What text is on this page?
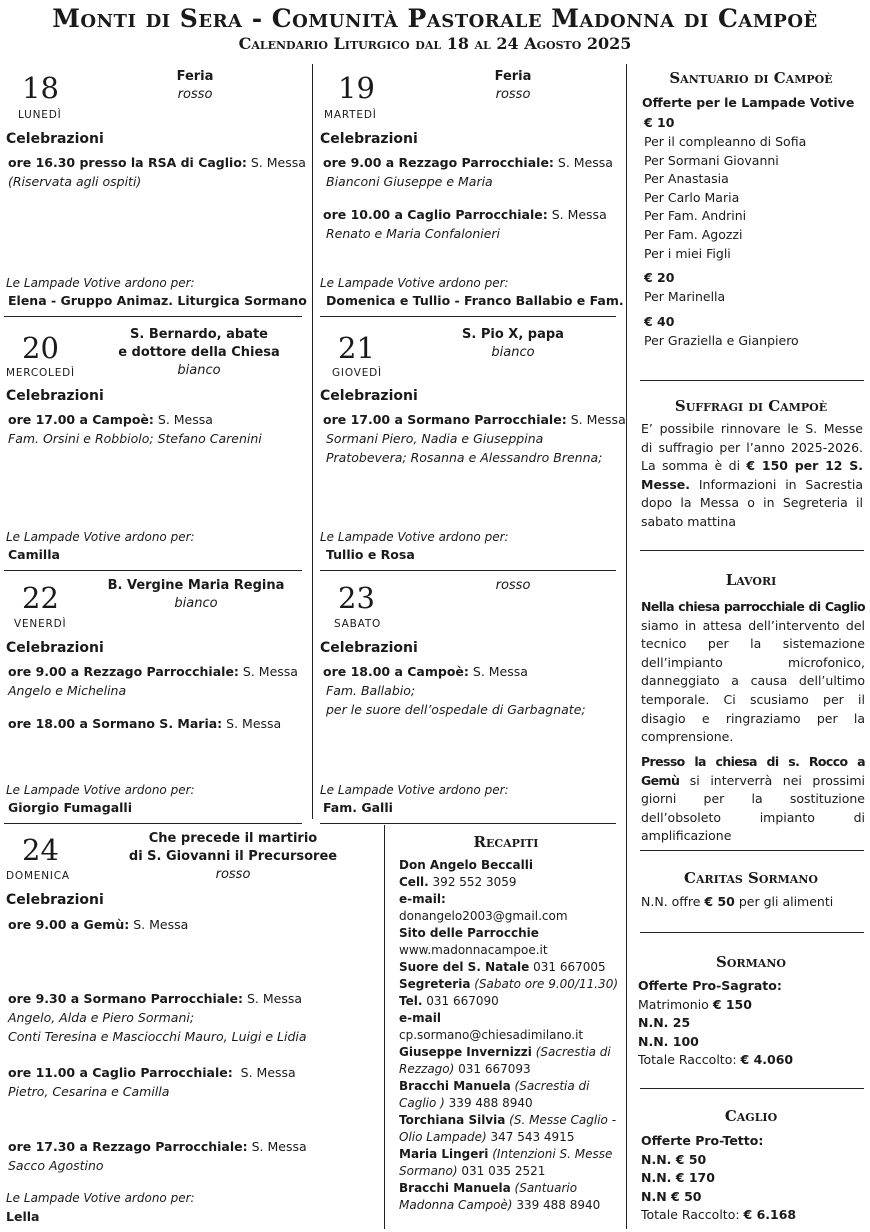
Monti di Sera - Comunità Pastorale Madonna di Campoè
Calendario Liturgico dal 18 al 24 Agosto 2025
18
LUNEDÌ
Feria
rosso
Celebrazioni
ore 16.30 presso la RSA di Caglio: S. Messa
(Riservata agli ospiti)
Le Lampade Votive ardono per:
Elena - Gruppo Animaz. Liturgica Sormano
19
MARTEDÌ
Feria
rosso
Celebrazioni
ore 9.00 a Rezzago Parrocchiale: S. Messa
Bianconi Giuseppe e Maria
ore 10.00 a Caglio Parrocchiale: S. Messa
Renato e Maria Confalonieri
Le Lampade Votive ardono per:
Domenica e Tullio - Franco Ballabio e Fam.
20
MERCOLEDÌ
S. Bernardo, abate
e dottore della Chiesa
bianco
Celebrazioni
ore 17.00 a Campoè: S. Messa
Fam. Orsini e Robbiolo; Stefano Carenini
Le Lampade Votive ardono per:
Camilla
21
GIOVEDÌ
S. Pio X, papa
bianco
Celebrazioni
ore 17.00 a Sormano Parrocchiale: S. Messa
Sormani Piero, Nadia e Giuseppina
Pratobevera; Rosanna e Alessandro Brenna;
Le Lampade Votive ardono per:
Tullio e Rosa
22
VENERDÌ
B. Vergine Maria Regina
bianco
Celebrazioni
ore 9.00 a Rezzago Parrocchiale: S. Messa
Angelo e Michelina
ore 18.00 a Sormano S. Maria: S. Messa
Le Lampade Votive ardono per:
Giorgio Fumagalli
23
SABATO
rosso
Celebrazioni
ore 18.00 a Campoè: S. Messa
Fam. Ballabio;
per le suore dell’ospedale di Garbagnate;
Le Lampade Votive ardono per:
Fam. Galli
24
DOMENICA
Che precede il martirio
di S. Giovanni il Precursoree
rosso
Celebrazioni
ore 9.00 a Gemù: S. Messa
ore 9.30 a Sormano Parrocchiale: S. Messa
Angelo, Alda e Piero Sormani;
Conti Teresina e Masciocchi Mauro, Luigi e Lidia
ore 11.00 a Caglio Parrocchiale: S. Messa
Pietro, Cesarina e Camilla
ore 17.30 a Rezzago Parrocchiale: S. Messa
Sacco Agostino
Le Lampade Votive ardono per:
Lella
Recapiti
Don Angelo Beccalli
Cell. 392 552 3059
e-mail:
donangelo2003@gmail.com
Sito delle Parrocchie
www.madonnacampoe.it
Suore del S. Natale 031 667005
Segreteria (Sabato ore 9.00/11.30)
Tel. 031 667090
e-mail
cp.sormano@chiesadimilano.it
Giuseppe Invernizzi (Sacrestia di
Rezzago) 031 667093
Bracchi Manuela (Sacrestia di
Caglio ) 339 488 8940
Torchiana Silvia (S. Messe Caglio -
Olio Lampade) 347 543 4915
Maria Lingeri (Intenzioni S. Messe
Sormano) 031 035 2521
Bracchi Manuela (Santuario
Madonna Campoè) 339 488 8940
Santuario di Campoè
Offerte per le Lampade Votive
€ 10
Per il compleanno di Sofia
Per Sormani Giovanni
Per Anastasia
Per Carlo Maria
Per Fam. Andrini
Per Fam. Agozzi
Per i miei Figli
€ 20
Per Marinella
€ 40
Per Graziella e Gianpiero
Suffragi di Campoè
E’ possibile rinnovare le S. Messe di suffragio per l’anno 2025-2026. La somma è di € 150 per 12 S. Messe. Informazioni in Sacrestia dopo la Messa o in Segreteria il sabato mattina
Lavori
Nella chiesa parrocchiale di Caglio siamo in attesa dell’intervento del tecnico per la sistemazione dell’impianto microfonico, danneggiato a causa dell’ultimo temporale. Ci scusiamo per il disagio e ringraziamo per la comprensione.
Presso la chiesa di s. Rocco a Gemù si interverrà nei prossimi giorni per la sostituzione dell’obsoleto impianto di amplificazione
Caritas Sormano
N.N. offre € 50 per gli alimenti
Sormano
Offerte Pro-Sagrato:
Matrimonio € 150
N.N. 25
N.N. 100
Totale Raccolto: € 4.060
Caglio
Offerte Pro-Tetto:
N.N. € 50
N.N. € 170
N.N € 50
Totale Raccolto: € 6.168
